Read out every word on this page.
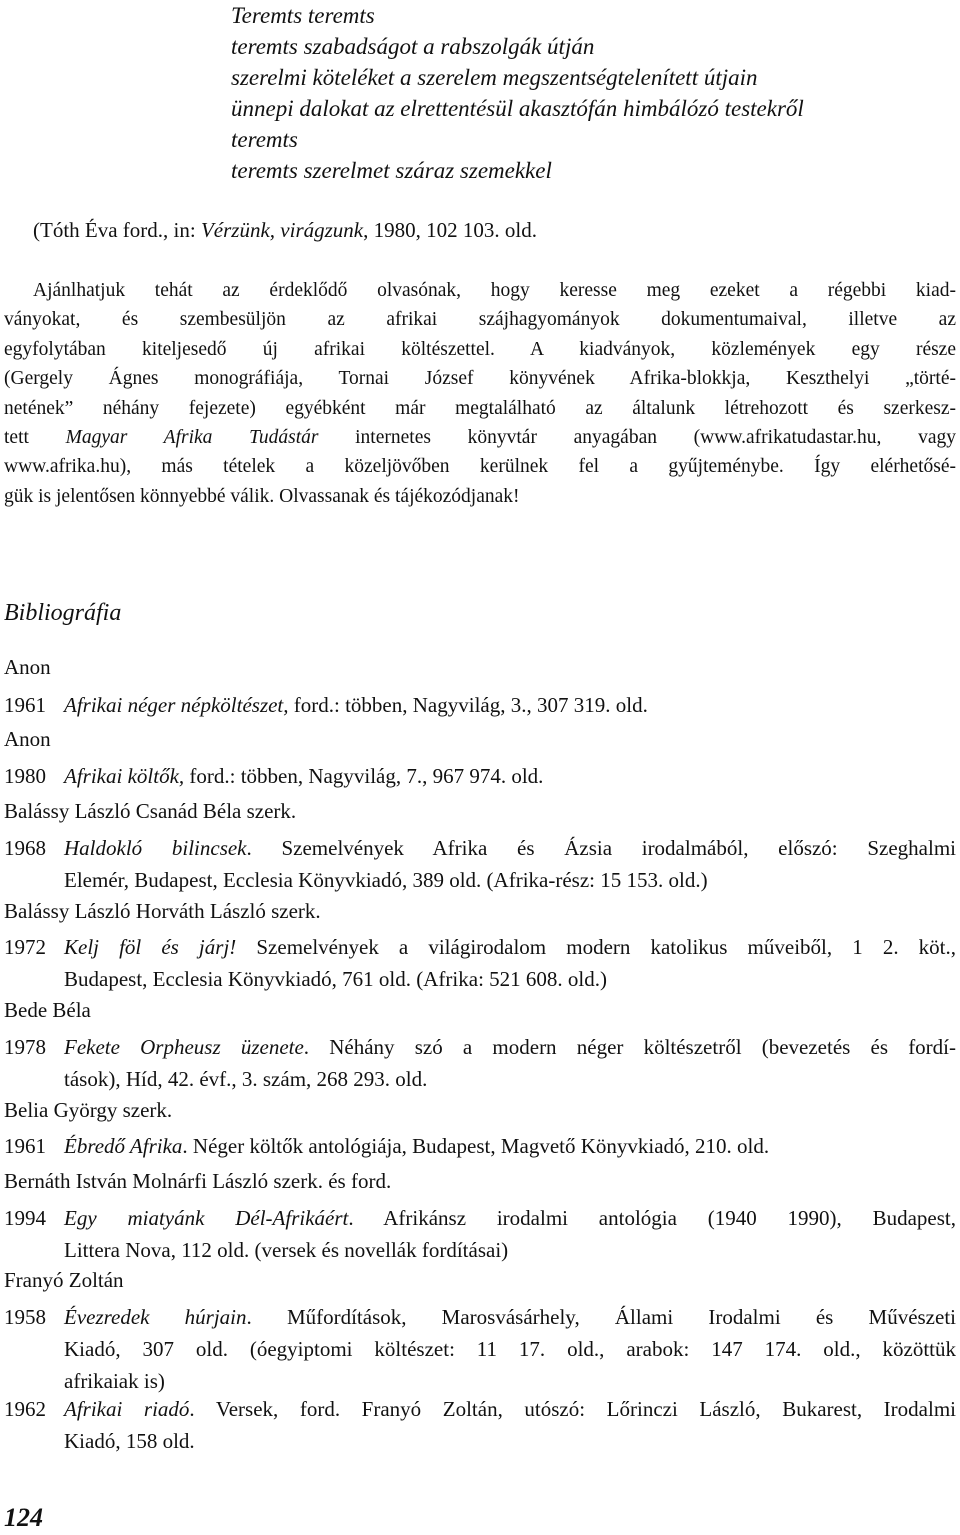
Teremts teremts
teremts szabadságot a rabszolgák útján
szerelmi köteléket a szerelem megszentségtelenített útjain
ünnepi dalokat az elrettentésül akasztófán himbálózó testekről
teremts
teremts szerelmet száraz szemekkel
(Tóth Éva ford., in: Vérzünk, virágzunk, 1980, 102 103. old.
Ajánlhatjuk tehát az érdeklődő olvasónak, hogy keresse meg ezeket a régebbi kiad-
ványokat, és szembesüljön az afrikai szájhagyományok dokumentumaival, illetve az
egyfolytában kiteljesedő új afrikai költészettel. A kiadványok, közlemények egy része
(Gergely Ágnes monográfiája, Tornai József könyvének Afrika-blokkja, Keszthelyi „törté-
netének” néhány fejezete) egyébként már megtalálható az általunk létrehozott és szerkesz-
tett Magyar Afrika Tudástár internetes könyvtár anyagában (www.afrikatudastar.hu, vagy
www.afrika.hu), más tételek a közeljövőben kerülnek fel a gyűjteménybe. Így elérhetősé-
gük is jelentősen könnyebbé válik. Olvassanak és tájékozódjanak!
Bibliográfia
Anon
1961 Afrikai néger népköltészet, ford.: többen, Nagyvilág, 3., 307 319. old.
Anon
1980 Afrikai költők, ford.: többen, Nagyvilág, 7., 967 974. old.
Balássy László Csanád Béla szerk.
1968 Haldokló bilincsek. Szemelvények Afrika és Ázsia irodalmából, előszó: Szeghalmi
Elemér, Budapest, Ecclesia Könyvkiadó, 389 old. (Afrika-rész: 15 153. old.)
Balássy László Horváth László szerk.
1972 Kelj föl és járj! Szemelvények a világirodalom modern katolikus műveiből, 1 2. köt.,
Budapest, Ecclesia Könyvkiadó, 761 old. (Afrika: 521 608. old.)
Bede Béla
1978 Fekete Orpheusz üzenete. Néhány szó a modern néger költészetről (bevezetés és fordí-
tások), Híd, 42. évf., 3. szám, 268 293. old.
Belia György szerk.
1961 Ébredő Afrika. Néger költők antológiája, Budapest, Magvető Könyvkiadó, 210. old.
Bernáth István Molnárfi László szerk. és ford.
1994 Egy miatyánk Dél-Afrikáért. Afrikánsz irodalmi antológia (1940 1990), Budapest,
Littera Nova, 112 old. (versek és novellák fordításai)
Franyó Zoltán
1958 Évezredek húrjain. Műfordítások, Marosvásárhely, Állami Irodalmi és Művészeti
Kiadó, 307 old. (óegyiptomi költészet: 11 17. old., arabok: 147 174. old., közöttük
afrikaiak is)
1962 Afrikai riadó. Versek, ford. Franyó Zoltán, utószó: Lőrinczi László, Bukarest, Irodalmi
Kiadó, 158 old.
124
